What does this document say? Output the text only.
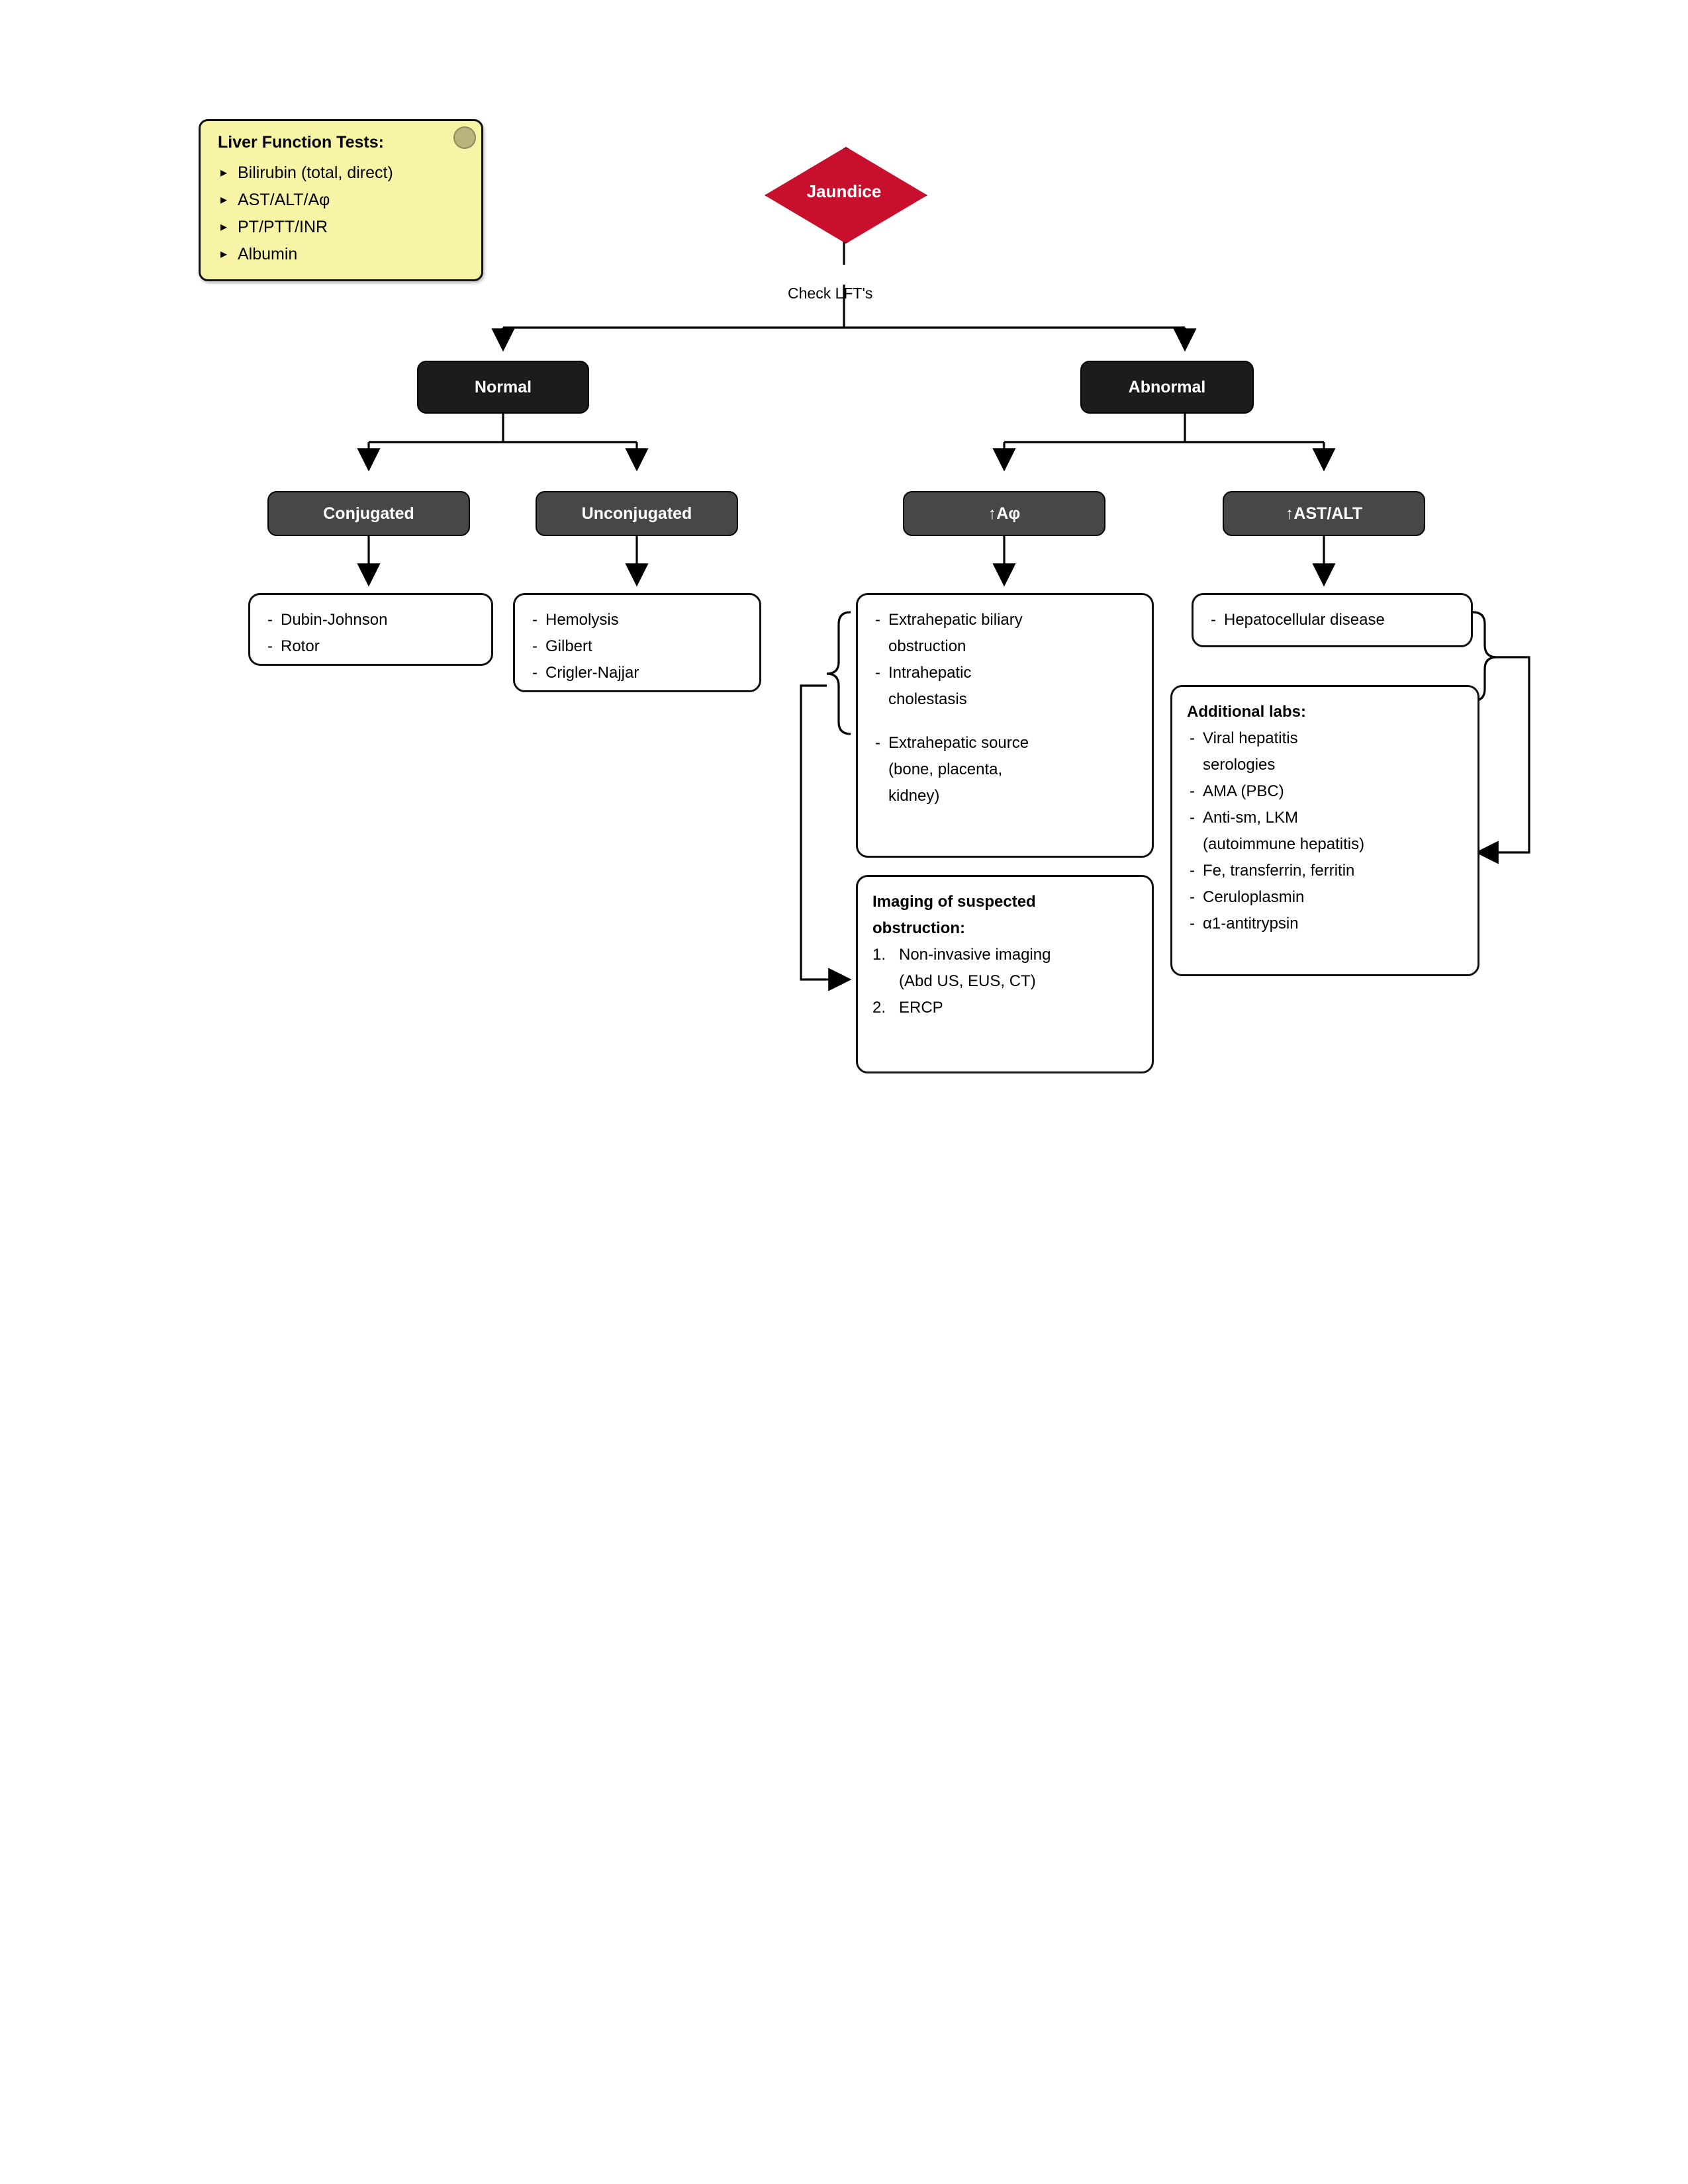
Liver Function Tests:
▸ Bilirubin (total, direct)
▸ AST/ALT/Aφ
▸ PT/PTT/INR
▸ Albumin
Jaundice
Check LFT's
Normal	Abnormal
Conjugated	Unconjugated	↑Aφ	↑AST/ALT
- Dubin-Johnson
- Rotor
- Hemolysis
- Gilbert
- Crigler-Najjar
- Extrahepatic biliary
obstruction
- Intrahepatic
cholestasis
- Extrahepatic source
(bone, placenta,
kidney)
Imaging of suspected
obstruction:
1. Non-invasive imaging
(Abd US, EUS, CT)
2. ERCP
- Hepatocellular disease
Additional labs:
- Viral hepatitis
serologies
- AMA (PBC)
- Anti-sm, LKM
(autoimmune hepatitis)
- Fe, transferrin, ferritin
- Ceruloplasmin
- α1-antitrypsin
